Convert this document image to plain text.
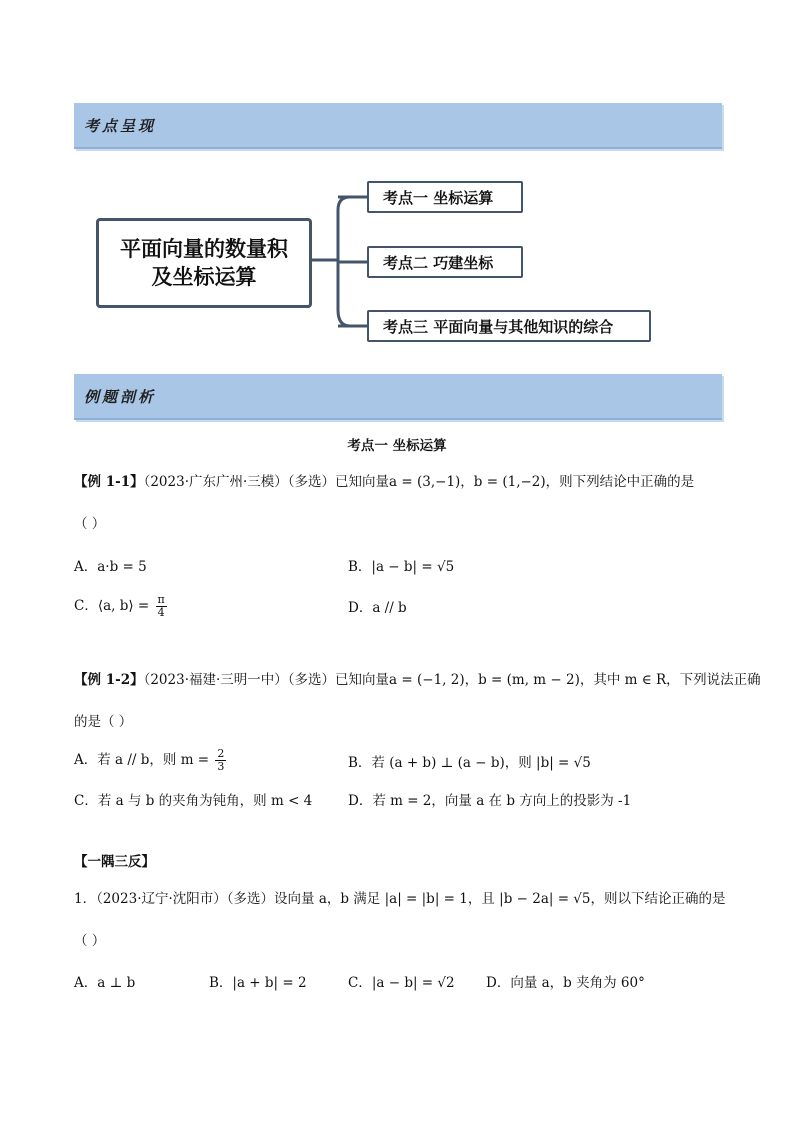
考点呈现
平面向量的数量积及坐标运算
考点一 坐标运算
考点二 巧建坐标
考点三 平面向量与其他知识的综合
例题剖析
考点一 坐标运算
【例 1-1】（2023·广东广州·三模）（多选）已知向量a = (3,−1)，b = (1,−2)，则下列结论中正确的是
（ ）
A．a·b = 5	B．|a − b| = √5
C．⟨a, b⟩ = $\frac{\pi}{4}$	D．a // b
【例 1-2】（2023·福建·三明一中）（多选）已知向量a = (−1, 2)，b = (m, m − 2)，其中 m ∈ R，下列说法正确
的是（ ）
A．若 a // b，则 $m = \frac{2}{3}$	B．若 (a + b) ⊥ (a − b)，则 |b| = √5
C．若 a 与 b 的夹角为钝角，则 m < 4	D．若 m = 2，向量 a 在 b 方向上的投影为 -1
【一隅三反】
1．（2023·辽宁·沈阳市）（多选）设向量 a，b 满足 |a| = |b| = 1，且 |b − 2a| = √5，则以下结论正确的是
（ ）
A．a ⊥ b	B．|a + b| = 2	C．|a − b| = √2 D．向量 a，b 夹角为 60°
